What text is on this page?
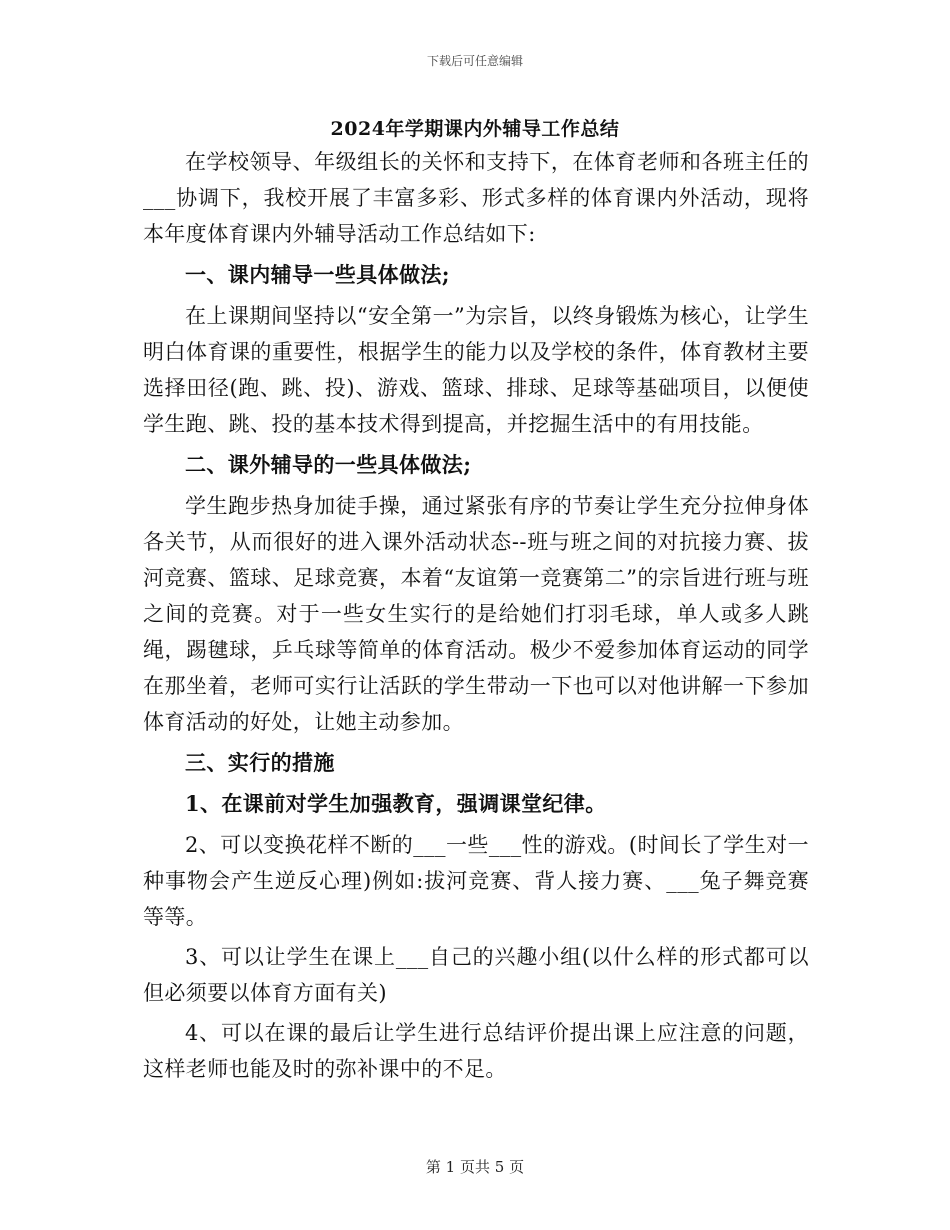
下载后可任意编辑
2024年学期课内外辅导工作总结

在学校领导、年级组长的关怀和支持下，在体育老师和各班主任的___协调下，我校开展了丰富多彩、形式多样的体育课内外活动，现将本年度体育课内外辅导活动工作总结如下:

一、课内辅导一些具体做法;

在上课期间坚持以“安全第一”为宗旨，以终身锻炼为核心，让学生明白体育课的重要性，根据学生的能力以及学校的条件，体育教材主要选择田径(跑、跳、投)、游戏、篮球、排球、足球等基础项目，以便使学生跑、跳、投的基本技术得到提高，并挖掘生活中的有用技能。

二、课外辅导的一些具体做法;

学生跑步热身加徒手操，通过紧张有序的节奏让学生充分拉伸身体各关节，从而很好的进入课外活动状态--班与班之间的对抗接力赛、拔河竞赛、篮球、足球竞赛，本着“友谊第一竞赛第二”的宗旨进行班与班之间的竞赛。对于一些女生实行的是给她们打羽毛球，单人或多人跳绳，踢毽球，乒乓球等简单的体育活动。极少不爱参加体育运动的同学在那坐着，老师可实行让活跃的学生带动一下也可以对他讲解一下参加体育活动的好处，让她主动参加。

三、实行的措施

1、在课前对学生加强教育，强调课堂纪律。

2、可以变换花样不断的___一些___性的游戏。(时间长了学生对一种事物会产生逆反心理)例如:拔河竞赛、背人接力赛、___兔子舞竞赛等等。

3、可以让学生在课上___自己的兴趣小组(以什么样的形式都可以但必须要以体育方面有关)

4、可以在课的最后让学生进行总结评价提出课上应注意的问题，这样老师也能及时的弥补课中的不足。

第 1 页共 5 页
